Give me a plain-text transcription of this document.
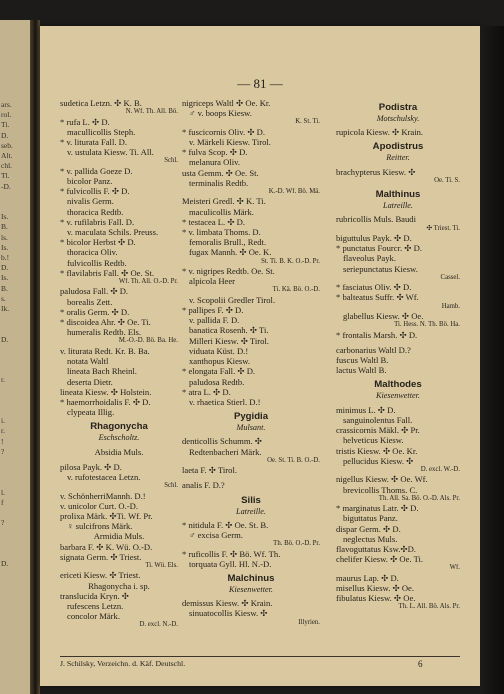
ars.
rol.
Ti.
D.
seb.
Alt.
chl.
Tl.
-D.
Is.
B.
ls.
Is.
b.!
D.
Is.
B.
s.
Ik.
D.
r.
i.
r.
!
?
l.
f
?
D.
— 81 —
sudetica Letzn. ✣ K. B.
N. Wf. Th. All. Bö.
* rufa L. ✣ D.
macullicollis Steph.
* v. liturata Fall. D.
v. ustulata Kiesw. Ti. All.
Schl.
* v. pallida Goeze D.
bicolor Panz.
* fulvicollis F. ✣ D.
nivalis Germ.
thoracica Redtb.
* v. rufilabris Fall. D.
v. maculata Schils. Preuss.
* bicolor Herbst ✣ D.
thoracica Oliv.
fulvicollis Redtb.
* flavilabris Fall. ✣ Oe. St.
Wf. Th. All. O.-D. Pr.
paludosa Fall. ✣ D.
borealis Zett.
* oralis Germ. ✣ D.
* discoidea Ahr. ✣ Oe. Ti.
humeralis Redtb. Els.
M.-O.-D. Bö. Ba. He.
v. liturata Redt. Kr. B. Ba.
notata Waltl
lineata Bach Rheinl.
deserta Dietr.
lineata Kiesw. ✣ Holstein.
* haemorrhoidalis F. ✣ D.
clypeata Illig.
Rhagonycha
Eschscholtz.
Absidia Muls.
pilosa Payk. ✣ D.
v. rufotestacea Letzn.
Schl.
v. SchönherriMannh. D.!
v. unicolor Curt. O.-D.
prolixa Märk. ✣Ti. Wf. Pr.
♀ sulcifrons Märk.
Armidia Muls.
barbara F. ✣ K. Wü. O.-D.
signata Germ. ✣ Triest.
Ti. Wü. Els.
ericeti Kiesw. ✣ Triest.
Rhagonycha i. sp.
translucida Kryn. ✣
rufescens Letzn.
concolor Märk.
D. excl. N.-D.
nigriceps Waltl ✣ Oe. Kr.
♂ v. boops Kiesw.
K. St. Ti.
* fuscicornis Oliv. ✣ D.
v. Märkeli Kiesw. Tirol.
* fulva Scop. ✣ D.
melanura Oliv.
usta Gemm. ✣ Oe. St.
terminalis Redtb.
K.-D. Wf. Bö. Mä.
Meisteri Gredl. ✣ K. Ti.
maculicollis Märk.
* testacea L. ✣ D.
* v. limbata Thoms. D.
femoralis Brull., Redt.
fugax Mannh. ✣ Oe. K.
St. Ti. B. K. O.-D. Pr.
* v. nigripes Redtb. Oe. St.
alpicola Heer
Ti. Kä. Bö. O.-D.
v. Scopolii Gredler Tirol.
* pallipes F. ✣ D.
v. pallida F. D.
banatica Rosenh. ✣ Ti.
Milleri Kiesw. ✣ Tirol.
viduata Küst. D.!
xanthopus Kiesw.
* elongata Fall. ✣ D.
paludosa Redtb.
* atra L. ✣ D.
v. rhaetica Stierl. D.!
Pygidia
Mulsant.
denticollis Schumm. ✣
Redtenbacheri Märk.
Oe. St. Ti. B. O.-D.
laeta F. ✣ Tirol.
analis F. D.?
Silis
Latreille.
* nitidula F. ✣ Oe. St. B.
♂ excisa Germ.
Th. Bö. O.-D. Pr.
* ruficollis F. ✣ Bö. Wf. Th.
torquata Gyll. Hl. N.-D.
Malchinus
Kiesenwetter.
demissus Kiesw. ✣ Krain.
sinuatocollis Kiesw. ✣
Illyrien.
Podistra
Motschulsky.
rupicola Kiesw. ✣ Krain.
Apodistrus
Reitter.
brachypterus Kiesw. ✣
Oe. Ti. S.
Malthinus
Latreille.
rubricollis Muls. Baudi
✣ Triest. Ti.
biguttulus Payk. ✣ D.
* punctatus Fourcr. ✣ D.
flaveolus Payk.
seriepunctatus Kiesw.
Cassel.
* fasciatus Oliv. ✣ D.
* balteatus Suffr. ✣ Wf.
Hamb.
glabellus Kiesw. ✣ Oe.
Ti. Hess. N. Th. Bö. Ha.
* frontalis Marsh. ✣ D.
carbonarius Waltl D.?
fuscus Waltl B.
lactus Waltl B.
Malthodes
Kiesenwetter.
minimus L. ✣ D.
sanguinolentus Fall.
crassicornis Mäkl. ✣ Pr.
helveticus Kiesw.
tristis Kiesw. ✣ Oe. Kr.
pellucidus Kiesw. ✣
D. excl. W.-D.
nigellus Kiesw. ✣ Oe. Wf.
brevicollis Thoms. C.
Th. All. Sa. Bö. O.-D. Als. Pr.
* marginatus Latr. ✣ D.
biguttatus Panz.
dispar Germ. ✣ D.
neglectus Muls.
flavoguttatus Ksw.✣D.
chelifer Kiesw. ✣ Oe. Ti.
Wf.
maurus Lap. ✣ D.
misellus Kiesw. ✣ Oe.
fibulatus Kiesw. ✣ Oe.
Th. L. All. Bö. Als. Pr.
J. Schilsky, Verzeichn. d. Käf. Deutschl.	6
